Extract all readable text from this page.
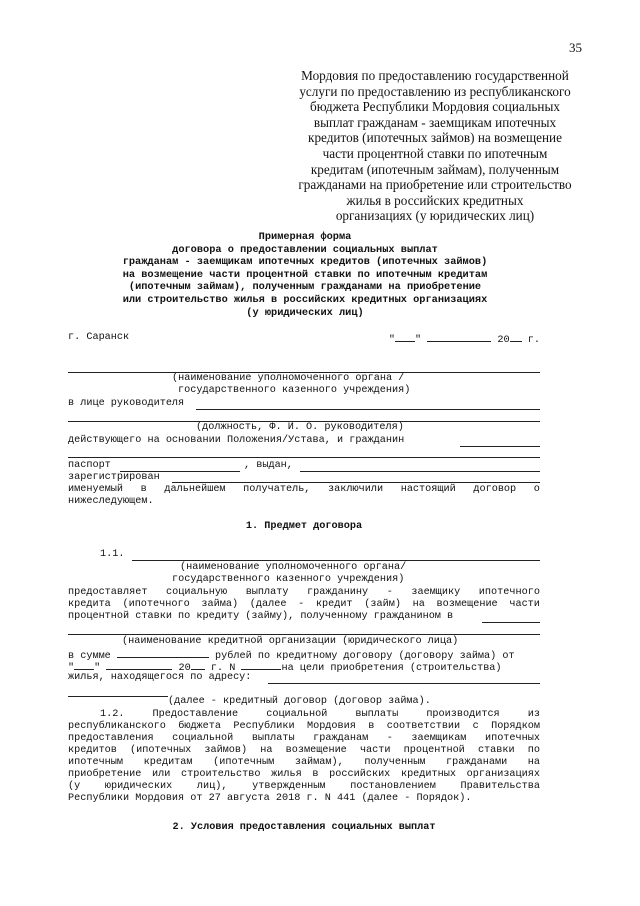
35
Мордовия по предоставлению государственной
услуги по предоставлению из республиканского
бюджета Республики Мордовия социальных
выплат гражданам - заемщикам ипотечных
кредитов (ипотечных займов) на возмещение
части процентной ставки по ипотечным
кредитам (ипотечным займам), полученным
гражданами на приобретение или строительство
жилья в российских кредитных
организациях (у юридических лиц)
Примерная форма
договора о предоставлении социальных выплат
гражданам - заемщикам ипотечных кредитов (ипотечных займов)
на возмещение части процентной ставки по ипотечным кредитам
(ипотечным займам), полученным гражданами на приобретение
или строительство жилья в российских кредитных организациях
(у юридических лиц)
г. Саранск	" "	20 г.
(наименование уполномоченного органа /
государственного казенного учреждения)
в лице руководителя
(должность, Ф. И. О. руководителя)
действующего на основании Положения/Устава, и гражданин
паспорт	, выдан,
зарегистрирован
именуемый в дальнейшем получатель, заключили настоящий договор о
нижеследующем.
1. Предмет договора
1.1.
(наименование уполномоченного органа/
государственного казенного учреждения)
предоставляет социальную выплату гражданину - заемщику ипотечного
кредита (ипотечного займа) (далее - кредит (займ) на возмещение части
процентной ставки по кредиту (займу), полученному гражданином в
(наименование кредитной организации (юридического лица)
в сумме	рублей по кредитному договору (договору займа) от
" "	20 г. N	на цели приобретения (строительства)
жилья, находящегося по адресу:
(далее - кредитный договор (договор займа).
1.2. Предоставление социальной выплаты производится из
республиканского бюджета Республики Мордовия в соответствии с Порядком
предоставления социальной выплаты гражданам - заемщикам ипотечных
кредитов (ипотечных займов) на возмещение части процентной ставки по
ипотечным кредитам (ипотечным займам), полученным гражданами на
приобретение или строительство жилья в российских кредитных организациях
(у юридических лиц), утвержденным постановлением Правительства
Республики Мордовия от 27 августа 2018 г. N 441 (далее - Порядок).
2. Условия предоставления социальных выплат
